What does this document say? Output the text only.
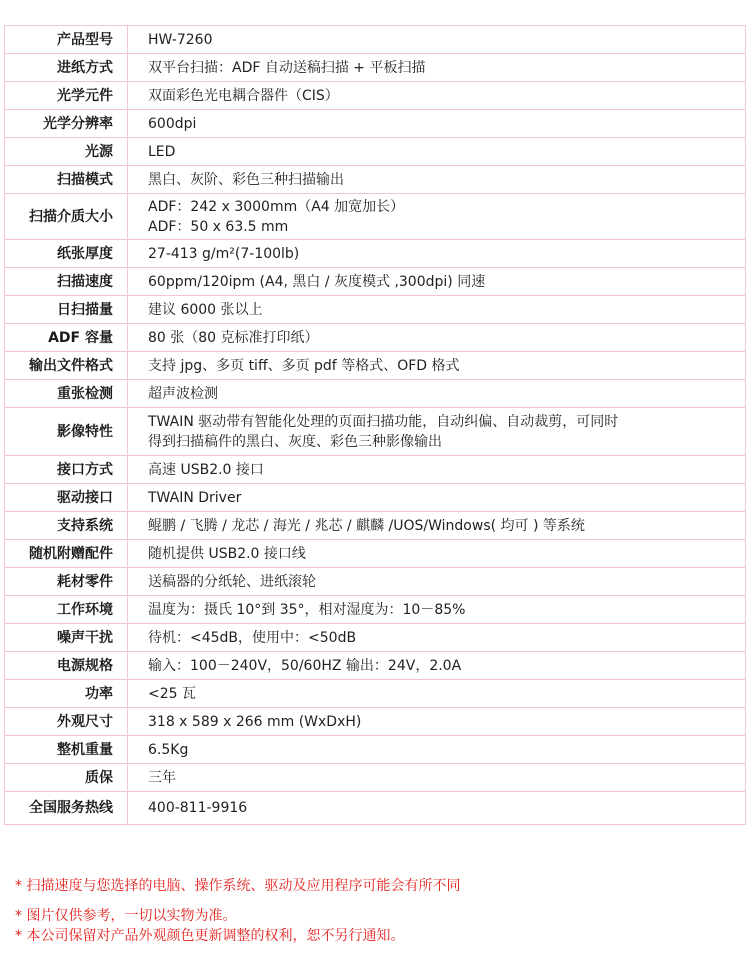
产品型号	HW-7260

进纸方式	双平台扫描：ADF 自动送稿扫描 + 平板扫描

光学元件	双面彩色光电耦合器件（CIS）

光学分辨率	600dpi

光源	LED

扫描模式	黑白、灰阶、彩色三种扫描输出

扫描介质大小	ADF：242 x 3000mm（A4 加宽加长）
ADF：50 x 63.5 mm

纸张厚度	27-413 g/m²(7-100lb)

扫描速度	60ppm/120ipm (A4, 黑白 / 灰度模式 ,300dpi) 同速

日扫描量	建议 6000 张以上

ADF 容量	80 张（80 克标准打印纸）

输出文件格式	支持 jpg、多页 tiff、多页 pdf 等格式、OFD 格式

重张检测	超声波检测

影像特性	TWAIN 驱动带有智能化处理的页面扫描功能，自动纠偏、自动裁剪，可同时
得到扫描稿件的黑白、灰度、彩色三种影像输出

接口方式	高速 USB2.0 接口

驱动接口	TWAIN Driver

支持系统	鲲鹏 / 飞腾 / 龙芯 / 海光 / 兆芯 / 麒麟 /UOS/Windows( 均可 ) 等系统

随机附赠配件	随机提供 USB2.0 接口线

耗材零件	送稿器的分纸轮、进纸滚轮

工作环境	温度为：摄氏 10°到 35°，相对湿度为：10－85%

噪声干扰	待机：<45dB，使用中：<50dB

电源规格	输入：100－240V，50/60HZ 输出：24V，2.0A

功率	<25 瓦

外观尺寸	318 x 589 x 266 mm (WxDxH)

整机重量	6.5Kg

质保	三年

全国服务热线	400-811-9916
* 扫描速度与您选择的电脑、操作系统、驱动及应用程序可能会有所不同
* 图片仅供参考，一切以实物为准。
* 本公司保留对产品外观颜色更新调整的权利，恕不另行通知。
